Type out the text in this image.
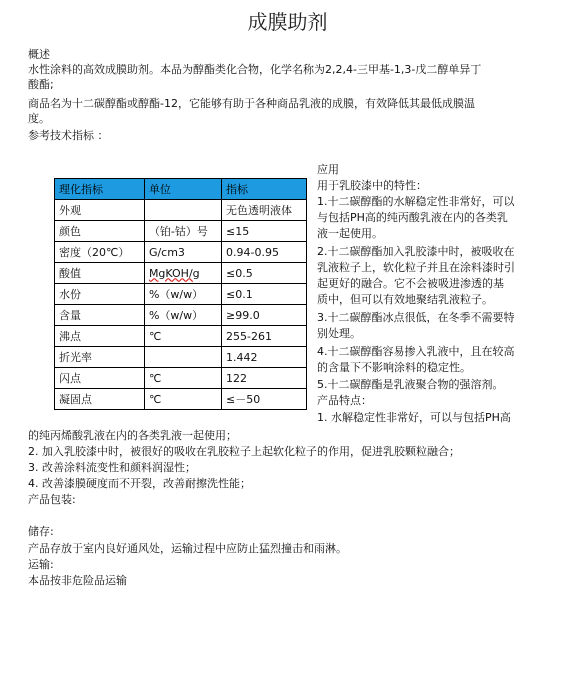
成膜助剂
概述
水性涂料的高效成膜助剂。本品为醇酯类化合物，化学名称为2,2,4-三甲基-1,3-戊二醇单异丁
酸酯;
商品名为十二碳醇酯或醇酯-12，它能够有助于各种商品乳液的成膜，有效降低其最低成膜温
度。
参考技术指标 ：
理化指标	单位	指标
外观		无色透明液体
颜色	（铂-钴）号	≤15
密度（20℃）	G/cm3	0.94-0.95
酸值	MgKOH/g	≤0.5
水份	%（w/w）	≤0.1
含量	%（w/w）	≥99.0
沸点	℃	255-261
折光率		1.442
闪点	℃	122
凝固点	℃	≤－50
应用
用于乳胶漆中的特性：
1.十二碳醇酯的水解稳定性非常好，可以
与包括PH高的纯丙酸乳液在内的各类乳
液一起使用。
2.十二碳醇酯加入乳胶漆中时，被吸收在
乳液粒子上，软化粒子并且在涂料漆时引
起更好的融合。它不会被吸进渗透的基
质中，但可以有效地聚结乳液粒子。
3.十二碳醇酯冰点很低，在冬季不需要特
别处理。
4.十二碳醇酯容易掺入乳液中，且在较高
的含量下不影响涂料的稳定性。
5.十二碳醇酯是乳液聚合物的强溶剂。
产品特点：
1. 水解稳定性非常好，可以与包括PH高
的纯丙烯酸乳液在内的各类乳液一起使用；
2. 加入乳胶漆中时，被很好的吸收在乳胶粒子上起软化粒子的作用，促进乳胶颗粒融合；
3. 改善涂料流变性和颜料润湿性；
4. 改善漆膜硬度而不开裂，改善耐擦洗性能；
产品包装:
储存:
产品存放于室内良好通风处，运输过程中应防止猛烈撞击和雨淋。
运输:
本品按非危险品运输
